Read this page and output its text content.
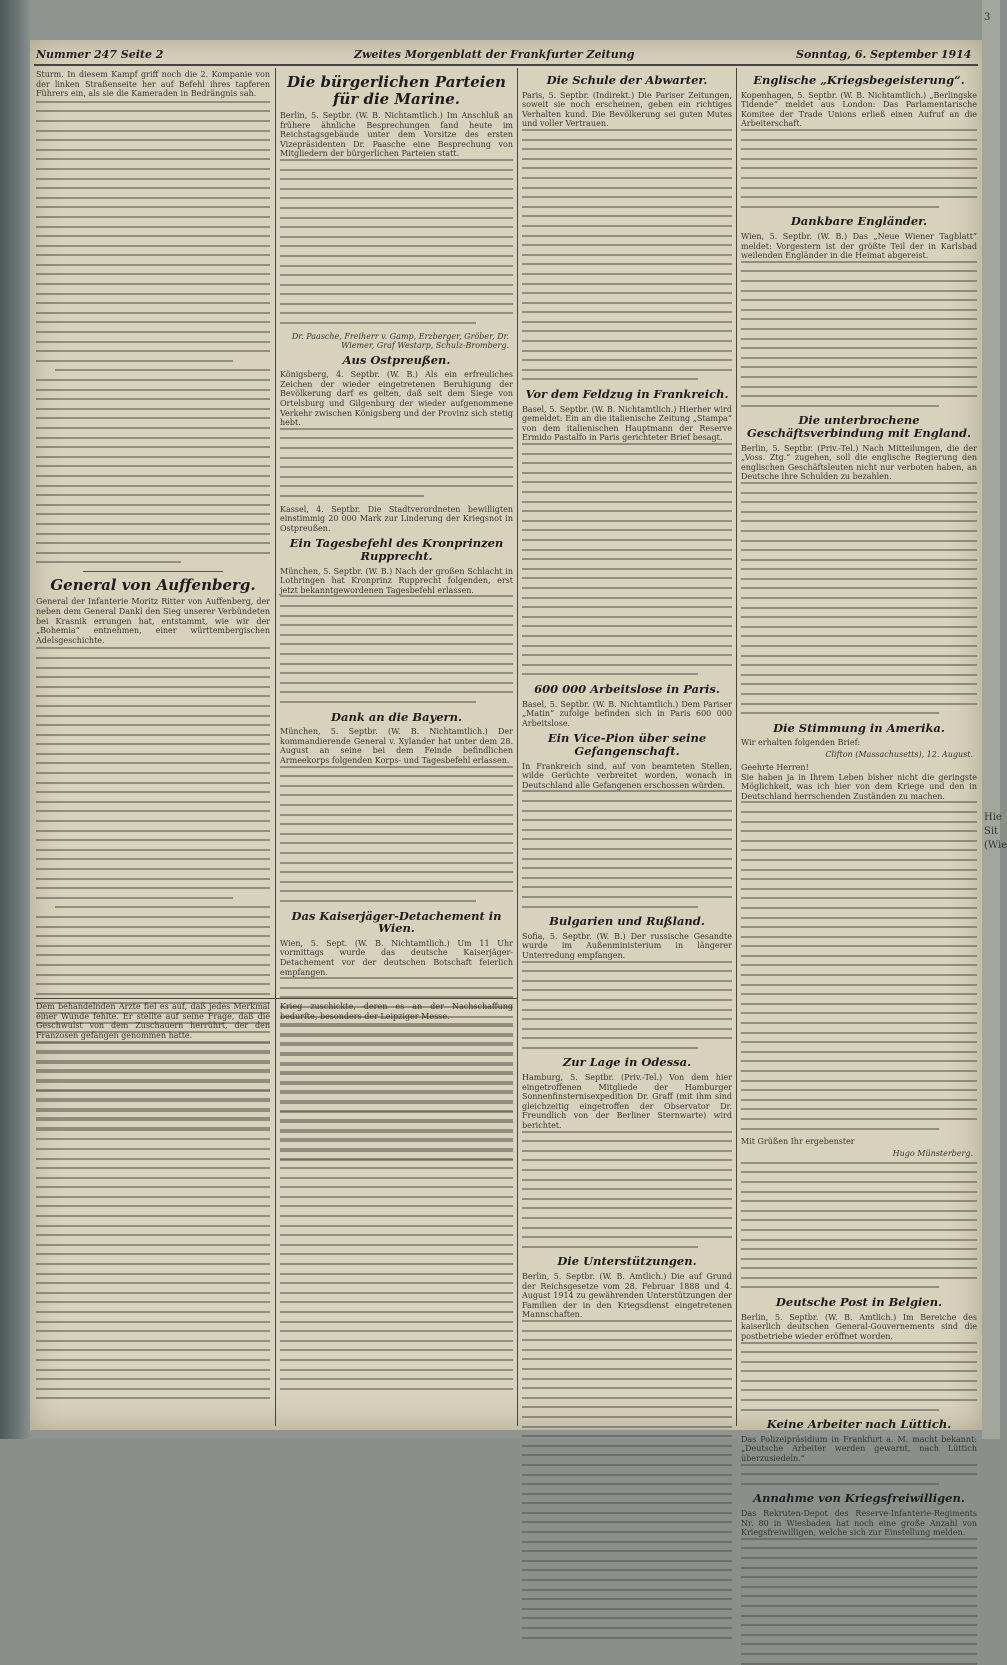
Nummer 247 Seite 2	Zweites Morgenblatt der Frankfurter Zeitung	Sonntag, 6. September 1914

Sturm. In diesem Kampf griff noch die 2. Kompanie von der linken Straßenseite her auf Befehl ihres tapferen Führers ein, als sie die Kameraden in Bedrängnis sah.

General von Auffenberg.

General der Infanterie Moritz Ritter von Auffenberg, der neben dem General Dankl den Sieg unserer Verbündeten bei Krasnik errungen hat, entstammt, wie wir der „Bohemia“ entnehmen, einer württembergischen Adelsgeschichte.

Die bürgerlichen Parteien für die Marine.

Berlin, 5. Septbr. (W. B. Nichtamtlich.) Im Anschluß an frühere ähnliche Besprechungen fand heute im Reichstagsgebäude unter dem Vorsitze des ersten Vizepräsidenten Dr. Paasche eine Besprechung von Mitgliedern der bürgerlichen Parteien statt.

Dr. Paasche, Freiherr v. Gamp, Erzberger, Gröber, Dr. Wiemer, Graf Westarp, Schulz-Bromberg.

Aus Ostpreußen.

Königsberg, 4. Septbr. (W. B.) Als ein erfreuliches Zeichen der wieder eingetretenen Beruhigung der Bevölkerung darf es gelten, daß seit dem Siege von Ortelsburg und Gilgenburg der wieder aufgenommene Verkehr zwischen Königsberg und der Provinz sich stetig hebt.

Kassel, 4. Septbr. Die Stadtverordneten bewilligten einstimmig 20 000 Mark zur Linderung der Kriegsnot in Ostpreußen.

Ein Tagesbefehl des Kronprinzen Rupprecht.

München, 5. Septbr. (W. B.) Nach der großen Schlacht in Lothringen hat Kronprinz Rupprecht folgenden, erst jetzt bekanntgewordenen Tagesbefehl erlassen.

Dank an die Bayern.

München, 5. Septbr. (W. B. Nichtamtlich.) Der kommandierende General v. Xylander hat unter dem 28. August an seine bei dem Feinde befindlichen Armeekorps folgenden Korps- und Tagesbefehl erlassen.

Das Kaiserjäger-Detachement in Wien.

Wien, 5. Sept. (W. B. Nichtamtlich.) Um 11 Uhr vormittags wurde das deutsche Kaiserjäger-Detachement vor der deutschen Botschaft feierlich empfangen.

Dem behandelnden Arzte fiel es auf, daß jedes Merkmal einer Wunde fehlte. Er stellte auf seine Frage, daß die Geschwulst von dem Zuschauern herrührt, der den Franzosen gefangen genommen hatte.

Krieg zuschickte, deren es an der Nachschaffung bedurfte, besonders der Leipziger Messe.

Die Schule der Abwarter.

Paris, 5. Septbr. (Indirekt.) Die Pariser Zeitungen, soweit sie noch erscheinen, geben ein richtiges Verhalten kund. Die Bevölkerung sei guten Mutes und voller Vertrauen.

Vor dem Feldzug in Frankreich.

Basel, 5. Septbr. (W. B. Nichtamtlich.) Hierher wird gemeldet: Ein an die italienische Zeitung „Stampa“ von dem italienischen Hauptmann der Reserve Ermido Pastalfo in Paris gerichteter Brief besagt.

600 000 Arbeitslose in Paris.

Basel, 5. Septbr. (W. B. Nichtamtlich.) Dem Pariser „Matin“ zufolge befinden sich in Paris 600 000 Arbeitslose.

Ein Vice-Pion über seine Gefangenschaft.

In Frankreich sind, auf von beamteten Stellen, wilde Gerüchte verbreitet worden, wonach in Deutschland alle Gefangenen erschossen würden.

Bulgarien und Rußland.

Sofia, 5. Septbr. (W. B.) Der russische Gesandte wurde im Außenministerium in längerer Unterredung empfangen.

Zur Lage in Odessa.

Hamburg, 5. Septbr. (Priv.-Tel.) Von dem hier eingetroffenen Mitgliede der Hamburger Sonnenfinsternisexpedition Dr. Graff (mit ihm sind gleichzeitig eingetroffen der Observator Dr. Freundlich von der Berliner Sternwarte) wird berichtet.

Die Unterstützungen.

Berlin, 5. Septbr. (W. B. Amtlich.) Die auf Grund der Reichsgesetze vom 28. Februar 1888 und 4. August 1914 zu gewährenden Unterstützungen der Familien der in den Kriegsdienst eingetretenen Mannschaften.

Englische „Kriegsbegeisterung“.

Kopenhagen, 5. Septbr. (W. B. Nichtamtlich.) „Berlingske Tidende“ meldet aus London: Das Parlamentarische Komitee der Trade Unions erließ einen Aufruf an die Arbeiterschaft.

Dankbare Engländer.

Wien, 5. Septbr. (W. B.) Das „Neue Wiener Tagblatt“ meldet: Vorgestern ist der größte Teil der in Karlsbad weilenden Engländer in die Heimat abgereist.

Die unterbrochene Geschäftsverbindung mit England.

Berlin, 5. Septbr. (Priv.-Tel.) Nach Mitteilungen, die der „Voss. Ztg.“ zugehen, soll die englische Regierung den englischen Geschäftsleuten nicht nur verboten haben, an Deutsche ihre Schulden zu bezahlen.

Die Stimmung in Amerika.

Wir erhalten folgenden Brief:

Clifton (Massachusetts), 12. August.

Geehrte Herren!

Sie haben ja in Ihrem Leben bisher nicht die geringste Möglichkeit, was ich hier von dem Kriege und den in Deutschland herrschenden Zuständen zu machen.

Mit Grüßen Ihr ergebenster

Hugo Münsterberg.

Deutsche Post in Belgien.

Berlin, 5. Septbr. (W. B. Amtlich.) Im Bereiche des kaiserlich deutschen General-Gouvernements sind die postbetriebe wieder eröffnet worden.

Keine Arbeiter nach Lüttich.

Das Polizeipräsidium in Frankfurt a. M. macht bekannt: „Deutsche Arbeiter werden gewarnt, nach Lüttich überzusiedeln.“

Annahme von Kriegsfreiwilligen.

Das Rekruten-Depot des Reserve-Infanterie-Regiments Nr. 80 in Wiesbaden hat noch eine große Anzahl von Kriegsfreiwilligen, welche sich zur Einstellung melden.

3
Hie
Sit
(Wie
